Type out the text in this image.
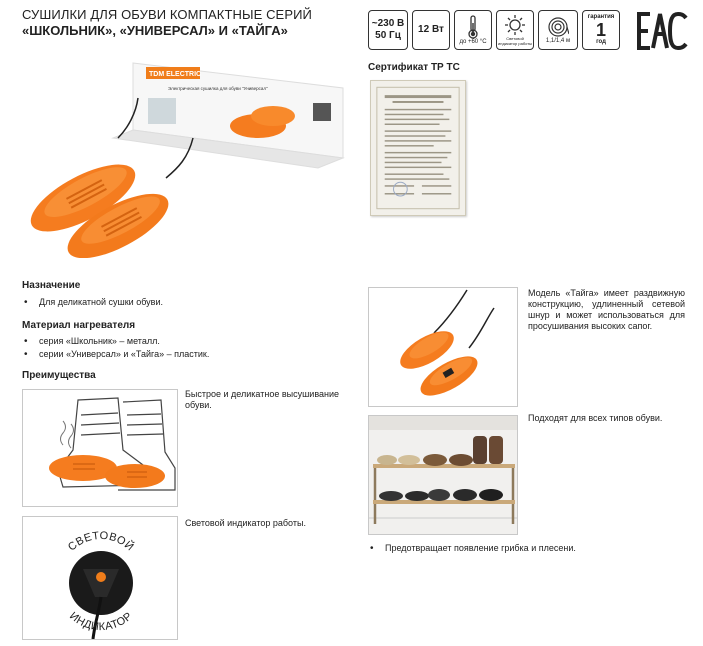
СУШИЛКИ ДЛЯ ОБУВИ КОМПАКТНЫЕ СЕРИЙ
«ШКОЛЬНИК», «УНИВЕРСАЛ» И «ТАЙГА»	~230 В
50 Гц
12 Вт
до +60 °С	Световой индикатор работы 1,1/1,4 м
гарантия
1
год
TDM ELECTRIC
Электрическая сушилка для обуви "Универсал"
Сертификат ТР ТС
Назначение
• Для деликатной сушки обуви.
Материал нагревателя
• серия «Школьник» – металл.
• серии «Универсал» и «Тайга» – пластик.
Преимущества
Быстрое и деликатное высушивание обуви.
СВЕТОВОЙ
ИНДИКАТОР
Световой индикатор работы.
Модель «Тайга» имеет раздвижную конструкцию, удлиненный сетевой шнур и может использоваться для просушивания высоких сапог.
Подходят для всех типов обуви.
• Предотвращает появление грибка и плесени.
